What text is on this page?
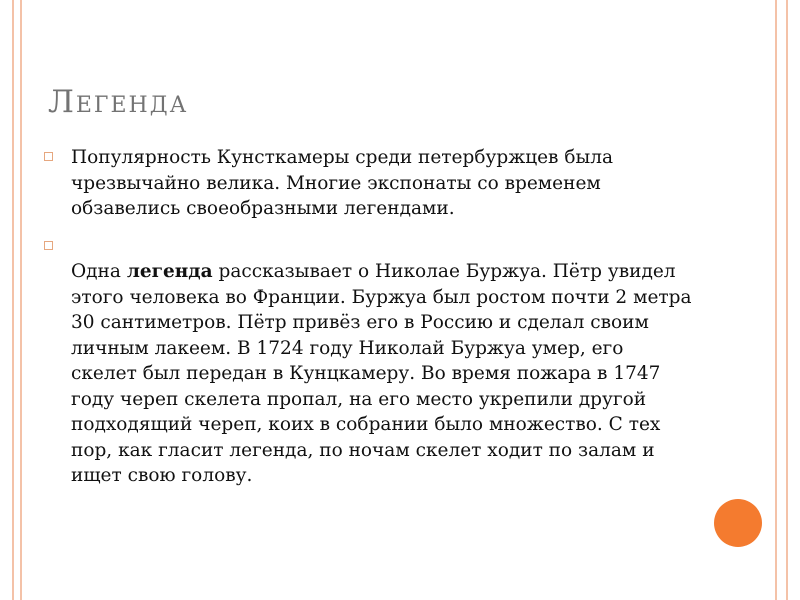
Легенда
Популярность Кунсткамеры среди петербуржцев была чрезвычайно велика. Многие экспонаты со временем обзавелись своеобразными легендами.
Одна легенда рассказывает о Николае Буржуа. Пётр увидел этого человека во Франции. Буржуа был ростом почти 2 метра 30 сантиметров. Пётр привёз его в Россию и сделал своим личным лакеем. В 1724 году Николай Буржуа умер, его скелет был передан в Кунцкамеру. Во время пожара в 1747 году череп скелета пропал, на его место укрепили другой подходящий череп, коих в собрании было множество. С тех пор, как гласит легенда, по ночам скелет ходит по залам и ищет свою голову.
